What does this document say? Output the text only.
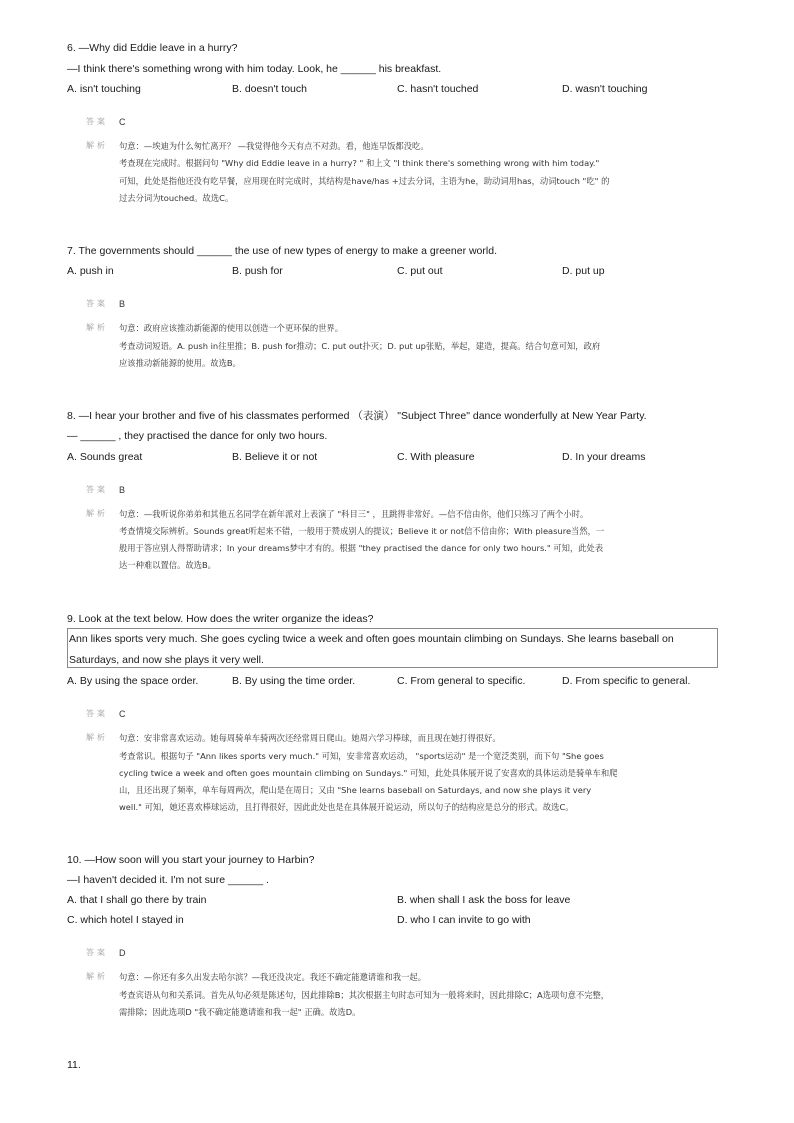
6. —Why did Eddie leave in a hurry?
—I think there's something wrong with him today. Look, he ______ his breakfast.
A. isn't touching	B. doesn't touch	C. hasn't touched	D. wasn't touching
答案 C
解析 句意：—埃迪为什么匆忙离开？ —我觉得他今天有点不对劲。看，他连早饭都没吃。
考查现在完成时。根据问句 "Why did Eddie leave in a hurry? " 和上文 "I think there's something wrong with him today."
可知，此处是指他还没有吃早餐，应用现在时完成时，其结构是have/has +过去分词，主语为he，助动词用has，动词touch "吃" 的
过去分词为touched。故选C。
7. The governments should ______ the use of new types of energy to make a greener world.
A. push in	B. push for	C. put out	D. put up
答案 B
解析 句意：政府应该推动新能源的使用以创造一个更环保的世界。
考查动词短语。A. push in往里推；B. push for推动；C. put out扑灭；D. put up张贴，举起，建造，提高。结合句意可知，政府
应该推动新能源的使用。故选B。
8. —I hear your brother and five of his classmates performed （表演） "Subject Three" dance wonderfully at New Year Party.
— ______ , they practised the dance for only two hours.
A. Sounds great	B. Believe it or not	C. With pleasure	D. In your dreams
答案 B
解析 句意：—我听说你弟弟和其他五名同学在新年派对上表演了 "科目三" ，且跳得非常好。—信不信由你，他们只练习了两个小时。
考查情境交际辨析。Sounds great听起来不错，一般用于赞成别人的提议；Believe it or not信不信由你；With pleasure当然，一
般用于答应别人得帮助请求；In your dreams梦中才有的。根据 "they practised the dance for only two hours." 可知，此处表
达一种难以置信。故选B。
9. Look at the text below. How does the writer organize the ideas?
Ann likes sports very much. She goes cycling twice a week and often goes mountain climbing on Sundays. She learns baseball on
Saturdays, and now she plays it very well.
A. By using the space order.	B. By using the time order.	C. From general to specific.	D. From specific to general.
答案 C
解析 句意：安非常喜欢运动。她每周骑单车骑两次还经常周日爬山。她周六学习棒球，而且现在她打得很好。
考查常识。根据句子 "Ann likes sports very much." 可知，安非常喜欢运动， "sports运动" 是一个宽泛类别，而下句 "She goes
cycling twice a week and often goes mountain climbing on Sundays." 可知，此处具体展开说了安喜欢的具体运动是骑单车和爬
山，且还出现了频率，单车每周两次，爬山是在周日；又由 "She learns baseball on Saturdays, and now she plays it very
well." 可知，她还喜欢棒球运动，且打得很好，因此此处也是在具体展开说运动，所以句子的结构应是总分的形式。故选C。
10. —How soon will you start your journey to Harbin?
—I haven't decided it. I'm not sure ______ .
A. that I shall go there by train	B. when shall I ask the boss for leave
C. which hotel I stayed in	D. who I can invite to go with
答案 D
解析 句意：—你还有多久出发去哈尔滨？—我还没决定。我还不确定能邀请谁和我一起。
考查宾语从句和关系词。首先从句必须是陈述句，因此排除B；其次根据主句时态可知为一般将来时，因此排除C；A选项句意不完整，
需排除；因此选项D "我不确定能邀请谁和我一起" 正确。故选D。
11.
